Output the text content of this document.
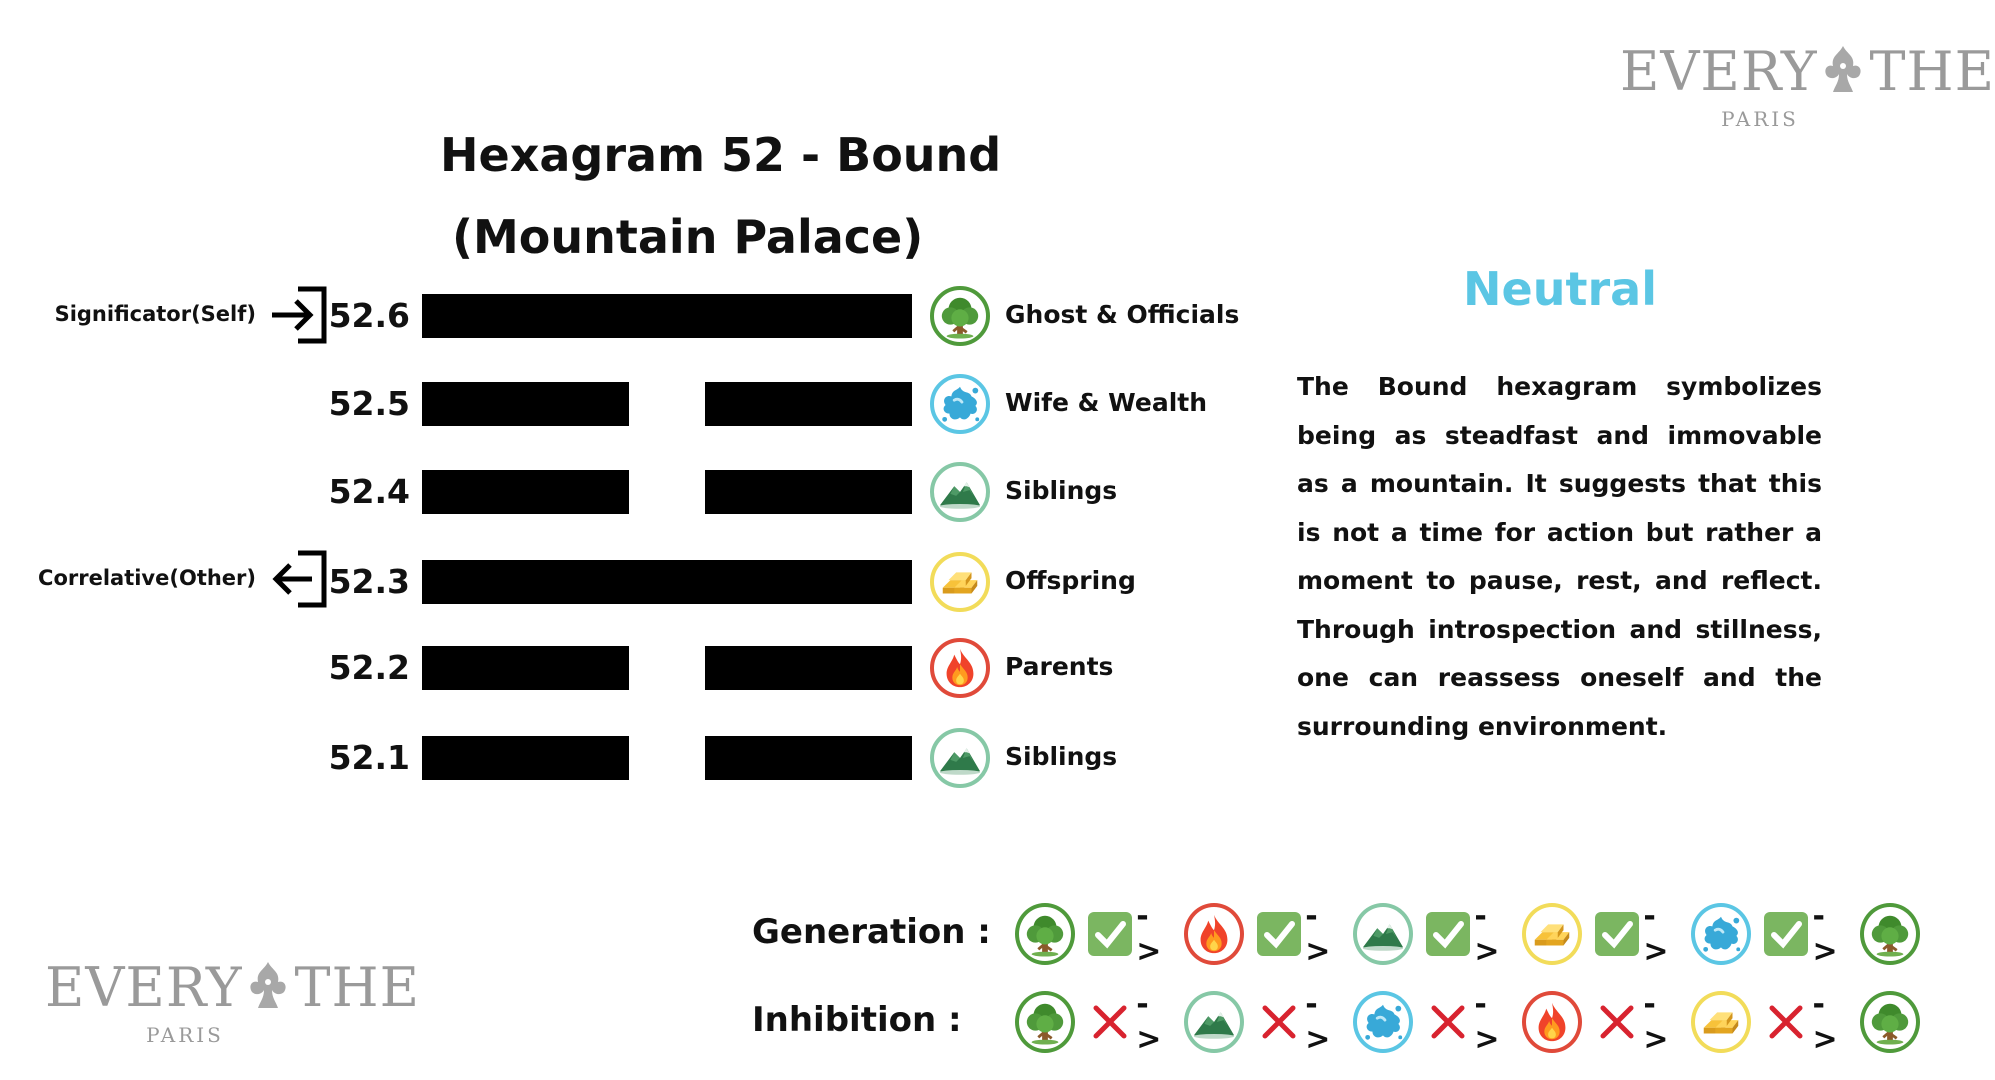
EVERY THE
PARIS
EVERY THE
PARIS
Hexagram 52 - Bound
(Mountain Palace)
Significator(Self)
Correlative(Other)
52.6	Ghost & Officials
52.5	Wife & Wealth
52.4	Siblings
52.3	Offspring
52.2	Parents
52.1	Siblings
Neutral
The Bound hexagram symbolizes being as steadfast and immovable as a mountain. It suggests that this is not a time for action but rather a moment to pause, rest, and reflect. Through introspection and stillness, one can reassess oneself and the surrounding environment.
Generation :	->
->
->
->
->
Inhibition :	->
->
->
->
->
